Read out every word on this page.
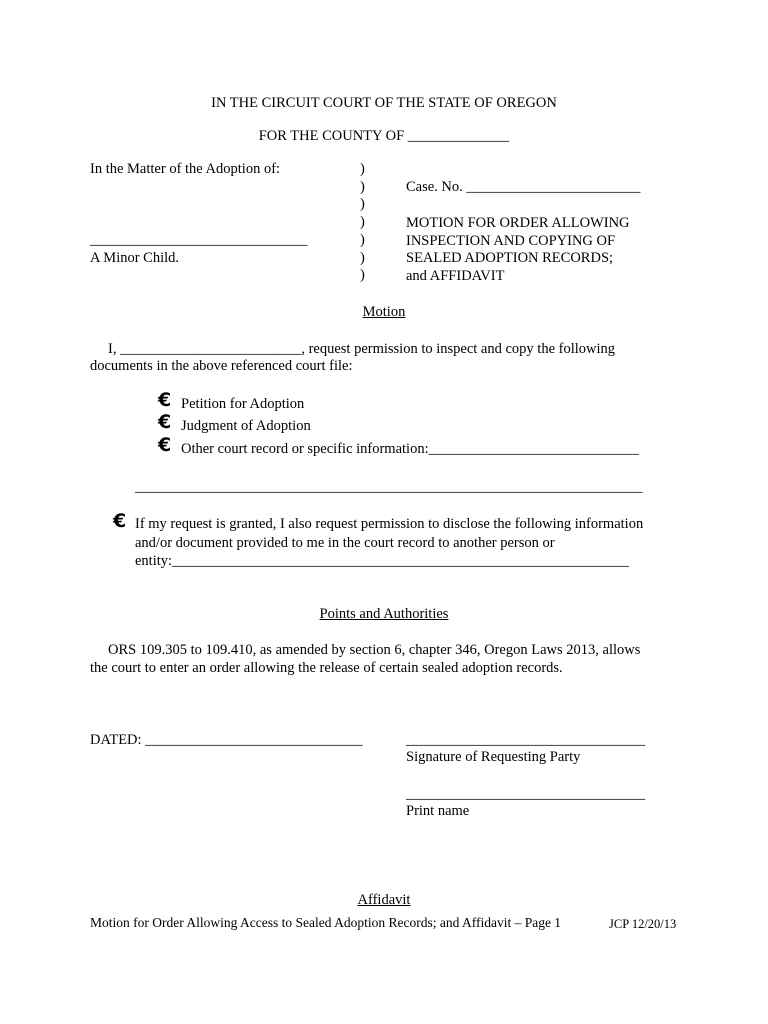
IN THE CIRCUIT COURT OF THE STATE OF OREGON
FOR THE COUNTY OF ______________
In the Matter of the Adoption of:
______________________________
A Minor Child.
)
)
)
)
)
)
)
Case. No. ________________________
MOTION FOR ORDER ALLOWING
INSPECTION AND COPYING OF
SEALED ADOPTION RECORDS;
and AFFIDAVIT
Motion
I, _________________________, request permission to inspect and copy the following
documents in the above referenced court file:
€ Petition for Adoption
€ Judgment of Adoption
€ Other court record or specific information:_____________________________
______________________________________________________________________
€ If my request is granted, I also request permission to disclose the following information
and/or document provided to me in the court record to another person or
entity:_______________________________________________________________
Points and Authorities
ORS 109.305 to 109.410, as amended by section 6, chapter 346, Oregon Laws 2013, allows
the court to enter an order allowing the release of certain sealed adoption records.
DATED: ______________________________	_________________________________
Signature of Requesting Party
_________________________________
Print name
Affidavit
Motion for Order Allowing Access to Sealed Adoption Records; and Affidavit – Page 1	JCP 12/20/13
